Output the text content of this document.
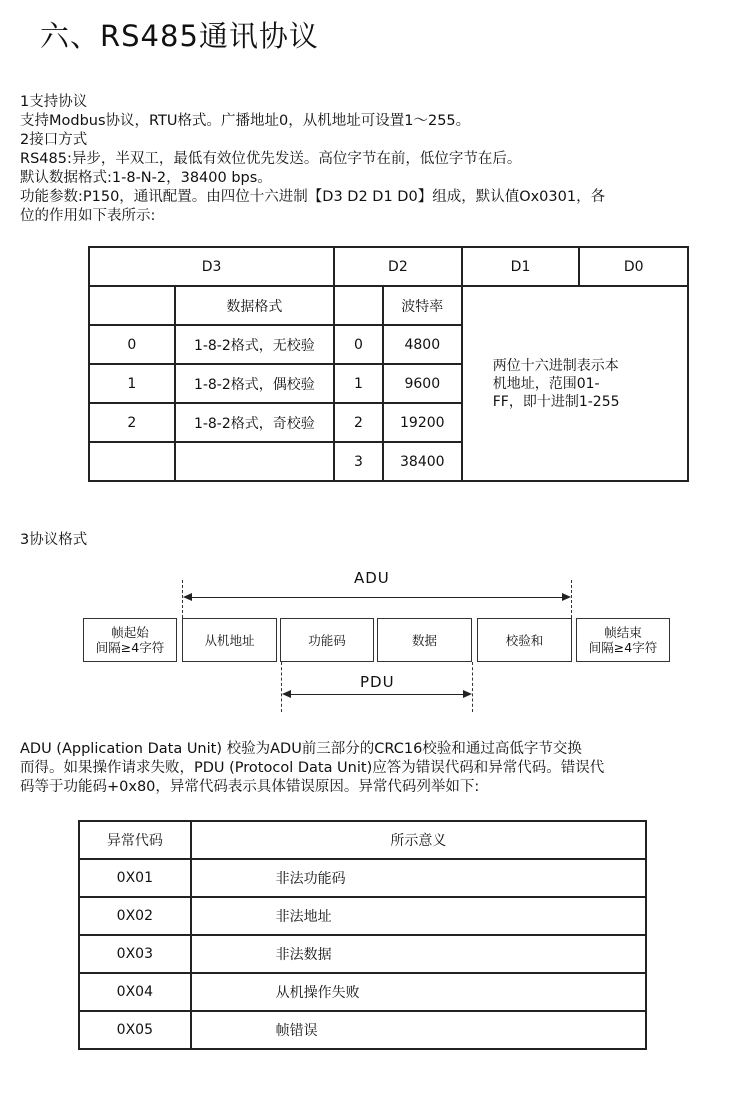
六、RS485通讯协议
1支持协议
支持Modbus协议，RTU格式。广播地址0，从机地址可设置1～255。
2接口方式
RS485:异步，半双工，最低有效位优先发送。高位字节在前，低位字节在后。
默认数据格式:1-8-N-2，38400 bps。
功能参数:P150，通讯配置。由四位十六进制【D3 D2 D1 D0】组成，默认值Ox0301，各
位的作用如下表所示:
D3		D2		D1	D0
	数据格式		波特率	两位十六进制表示本
机地址，范围01-
FF，即十进制1-255	

0	1-8-2格式，无校验	0	4800		
1	1-8-2格式，偶校验	1	9600		
2	1-8-2格式，奇校验	2	19200		
		3	38400		
3协议格式
ADU
帧起始
间隔≥4字符	从机地址	功能码	数据	校验和	帧结束
间隔≥4字符
PDU
ADU (Application Data Unit) 校验为ADU前三部分的CRC16校验和通过高低字节交换
而得。如果操作请求失败，PDU (Protocol Data Unit)应答为错误代码和异常代码。错误代
码等于功能码+0x80，异常代码表示具体错误原因。异常代码列举如下:
异常代码	所示意义
0X01	非法功能码
0X02	非法地址
0X03	非法数据
0X04	从机操作失败
0X05	帧错误
